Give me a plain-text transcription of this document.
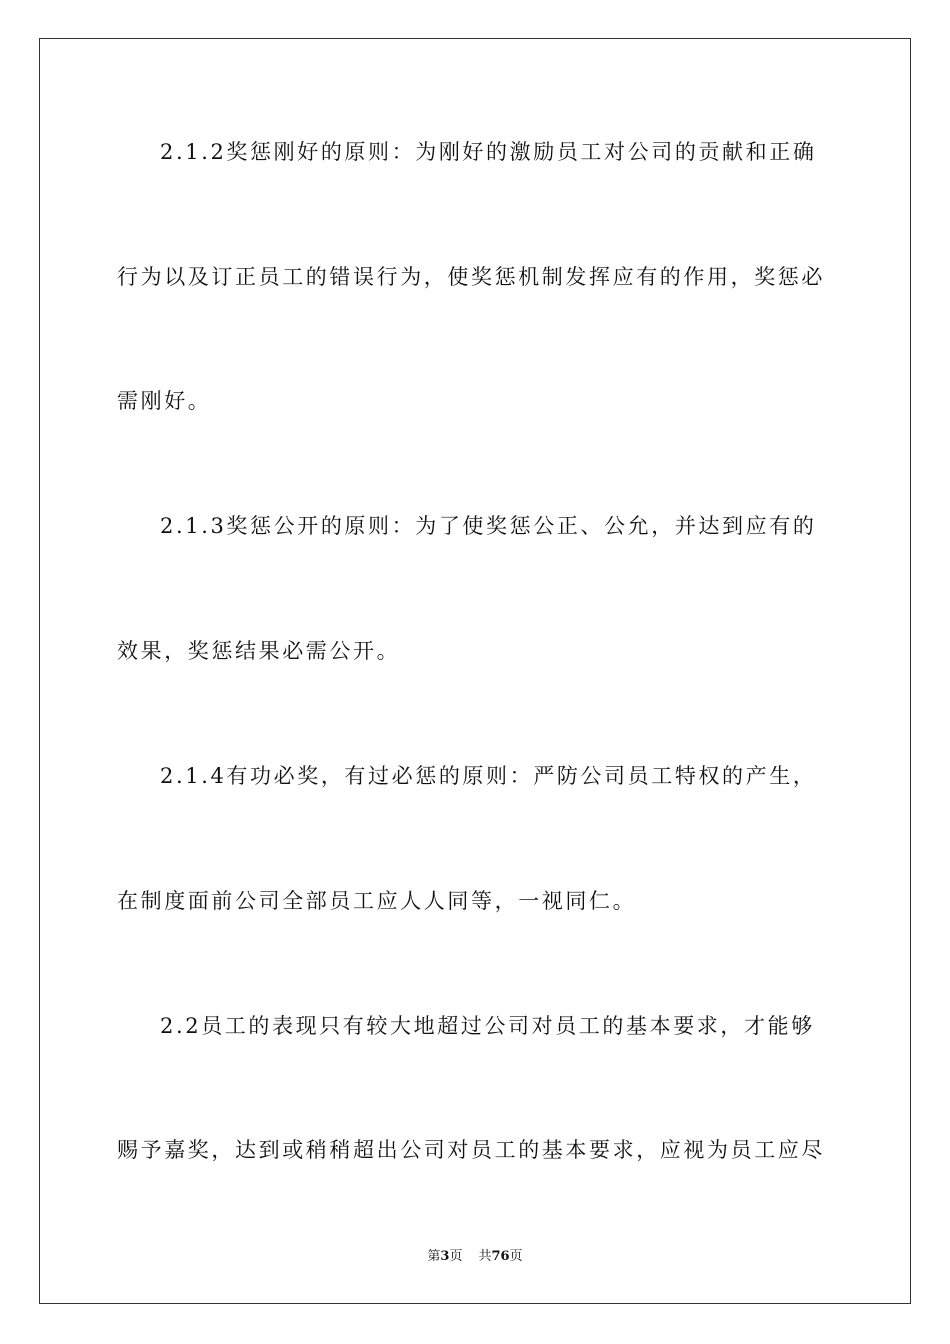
2.1.2奖惩刚好的原则：为刚好的激励员工对公司的贡献和正确
行为以及订正员工的错误行为，使奖惩机制发挥应有的作用，奖惩必
需刚好。
2.1.3奖惩公开的原则：为了使奖惩公正、公允，并达到应有的
效果，奖惩结果必需公开。
2.1.4有功必奖，有过必惩的原则：严防公司员工特权的产生，
在制度面前公司全部员工应人人同等，一视同仁。
2.2员工的表现只有较大地超过公司对员工的基本要求，才能够
赐予嘉奖，达到或稍稍超出公司对员工的基本要求，应视为员工应尽
第3页 共76页
